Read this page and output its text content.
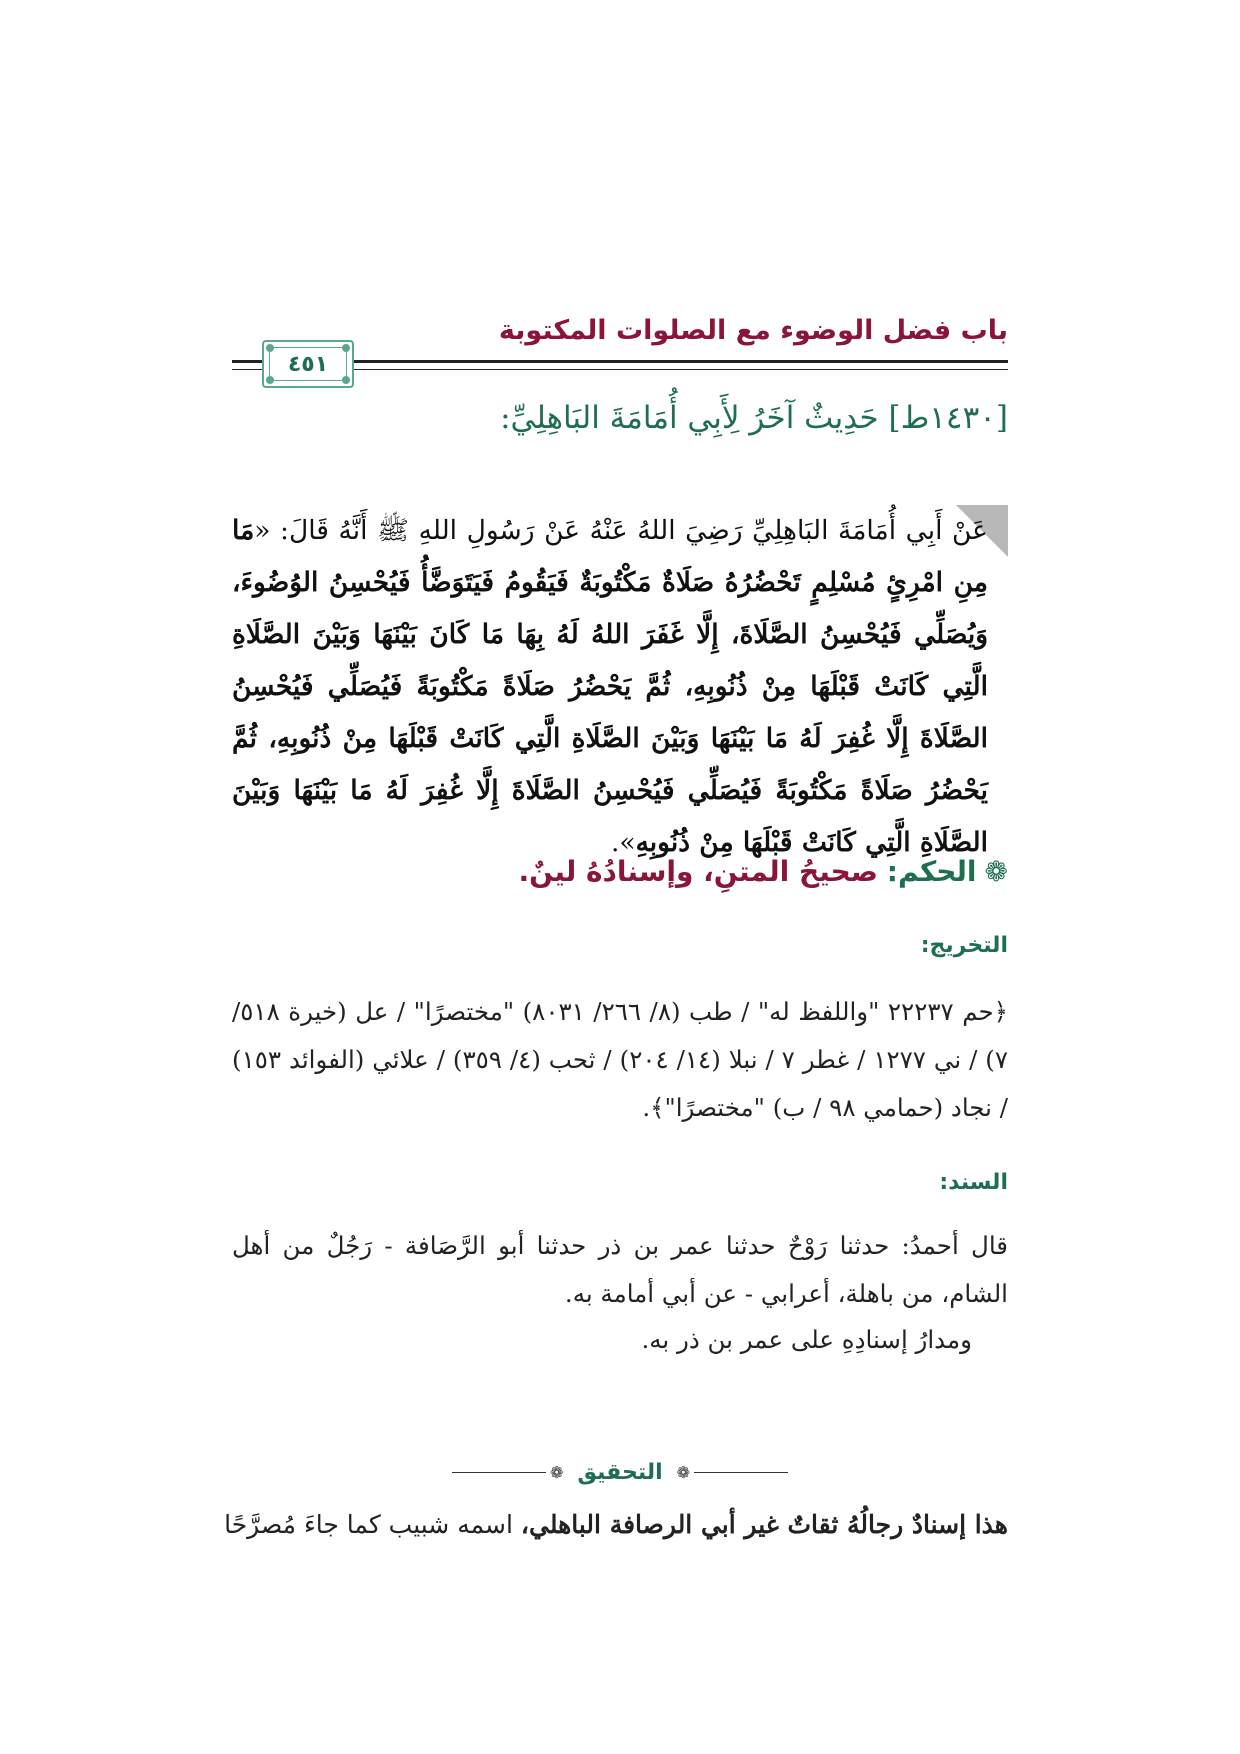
باب فضل الوضوء مع الصلوات المكتوبة
٤٥١
[١٤٣٠ط] حَدِيثٌ آخَرُ لِأَبِي أُمَامَةَ البَاهِلِيِّ:
عَنْ أَبِي أُمَامَةَ البَاهِلِيِّ رَضِيَ اللهُ عَنْهُ عَنْ رَسُولِ اللهِ ﷺ أَنَّهُ قَالَ: «مَا مِنِ امْرِئٍ مُسْلِمٍ تَحْضُرُهُ صَلَاةٌ مَكْتُوبَةٌ فَيَقُومُ فَيَتَوَضَّأُ فَيُحْسِنُ الوُضُوءَ، وَيُصَلِّي فَيُحْسِنُ الصَّلَاةَ، إِلَّا غَفَرَ اللهُ لَهُ بِهَا مَا كَانَ بَيْنَهَا وَبَيْنَ الصَّلَاةِ الَّتِي كَانَتْ قَبْلَهَا مِنْ ذُنُوبِهِ، ثُمَّ يَحْضُرُ صَلَاةً مَكْتُوبَةً فَيُصَلِّي فَيُحْسِنُ الصَّلَاةَ إِلَّا غُفِرَ لَهُ مَا بَيْنَهَا وَبَيْنَ الصَّلَاةِ الَّتِي كَانَتْ قَبْلَهَا مِنْ ذُنُوبِهِ، ثُمَّ يَحْضُرُ صَلَاةً مَكْتُوبَةً فَيُصَلِّي فَيُحْسِنُ الصَّلَاةَ إِلَّا غُفِرَ لَهُ مَا بَيْنَهَا وَبَيْنَ الصَّلَاةِ الَّتِي كَانَتْ قَبْلَهَا مِنْ ذُنُوبِهِ».
❁الحكم: صحيحُ المتنِ، وإسنادُهُ لينٌ.
التخريج:
﴿حم ٢٢٢٣٧ "واللفظ له" / طب (٨/ ٢٦٦/ ٨٠٣١) "مختصرًا" / عل (خيرة ٥١٨/ ٧) / ني ١٢٧٧ / غطر ٧ / نبلا (١٤/ ٢٠٤) / ثحب (٤/ ٣٥٩) / علائي (الفوائد ١٥٣) / نجاد (حمامي ٩٨ / ب) "مختصرًا"﴾.
السند:
قال أحمدُ: حدثنا رَوْحٌ حدثنا عمر بن ذر حدثنا أبو الرَّصَافة - رَجُلٌ من أهل الشام، من باهلة، أعرابي - عن أبي أمامة به.
ومدارُ إسنادِهِ على عمر بن ذر به.
❁
التحقيق
❁
هذا إسنادٌ رجالُهُ ثقاتٌ غير أبي الرصافة الباهلي، اسمه شبيب كما جاءَ مُصرَّحًا
